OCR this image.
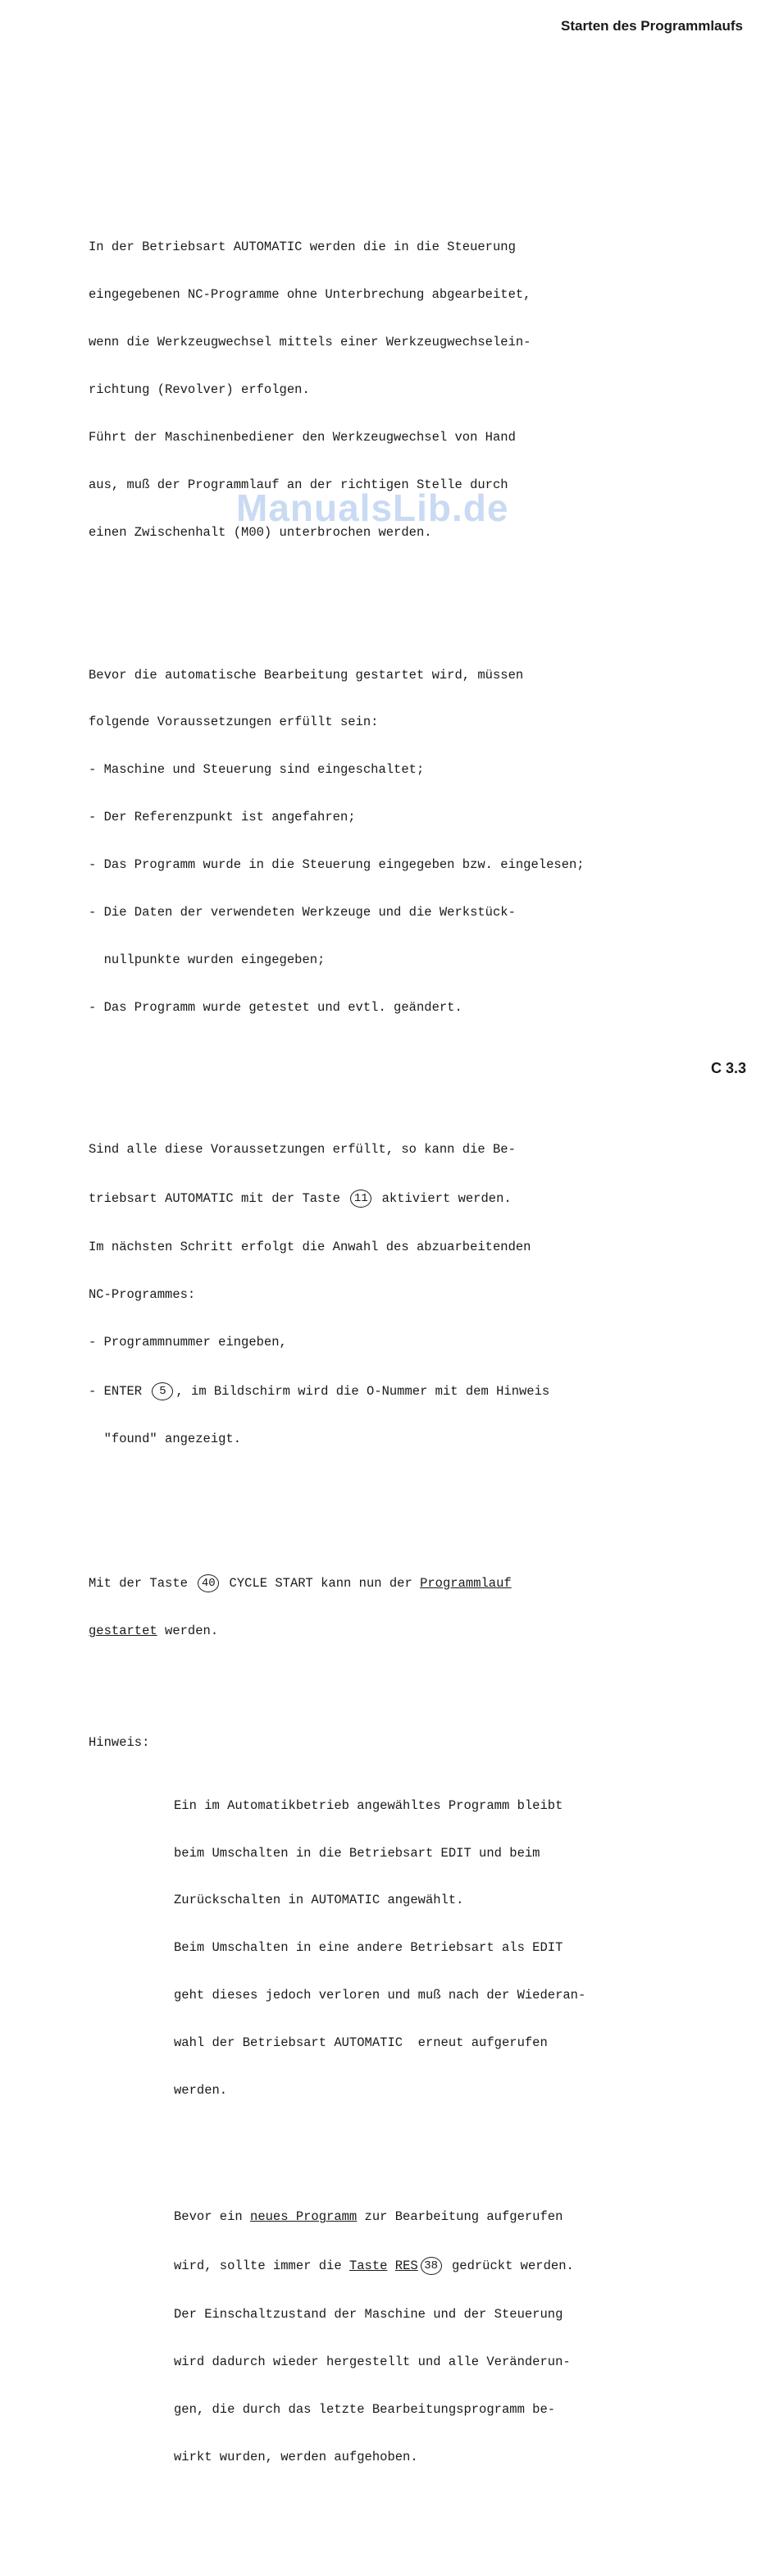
Starten des Programmlaufs

In der Betriebsart AUTOMATIC werden die in die Steuerung

eingegebenen NC-Programme ohne Unterbrechung abgearbeitet,

wenn die Werkzeugwechsel mittels einer Werkzeugwechselein-

richtung (Revolver) erfolgen.

Führt der Maschinenbediener den Werkzeugwechsel von Hand

aus, muß der Programmlauf an der richtigen Stelle durch

einen Zwischenhalt (M00) unterbrochen werden.

Bevor die automatische Bearbeitung gestartet wird, müssen

folgende Voraussetzungen erfüllt sein:

- Maschine und Steuerung sind eingeschaltet;

- Der Referenzpunkt ist angefahren;

- Das Programm wurde in die Steuerung eingegeben bzw. eingelesen;

- Die Daten der verwendeten Werkzeuge und die Werkstück-

nullpunkte wurden eingegeben;

- Das Programm wurde getestet und evtl. geändert.

Sind alle diese Voraussetzungen erfüllt, so kann die Be-

triebsart AUTOMATIC mit der Taste 11 aktiviert werden.

Im nächsten Schritt erfolgt die Anwahl des abzuarbeitenden

NC-Programmes:

- Programmnummer eingeben,

- ENTER 5 , im Bildschirm wird die O-Nummer mit dem Hinweis

"found" angezeigt.

Mit der Taste 40 CYCLE START kann nun der Programmlauf

gestartet werden.

Hinweis:

Ein im Automatikbetrieb angewähltes Programm bleibt

beim Umschalten in die Betriebsart EDIT und beim

Zurückschalten in AUTOMATIC angewählt.

Beim Umschalten in eine andere Betriebsart als EDIT

geht dieses jedoch verloren und muß nach der Wiederan-

wahl der Betriebsart AUTOMATIC  erneut aufgerufen

werden.

Bevor ein neues Programm zur Bearbeitung aufgerufen

wird, sollte immer die Taste RES 38 gedrückt werden.

Der Einschaltzustand der Maschine und der Steuerung

wird dadurch wieder hergestellt und alle Veränderun-

gen, die durch das letzte Bearbeitungsprogramm be-

wirkt wurden, werden aufgehoben.

ManualsLib.de
C 3.3
